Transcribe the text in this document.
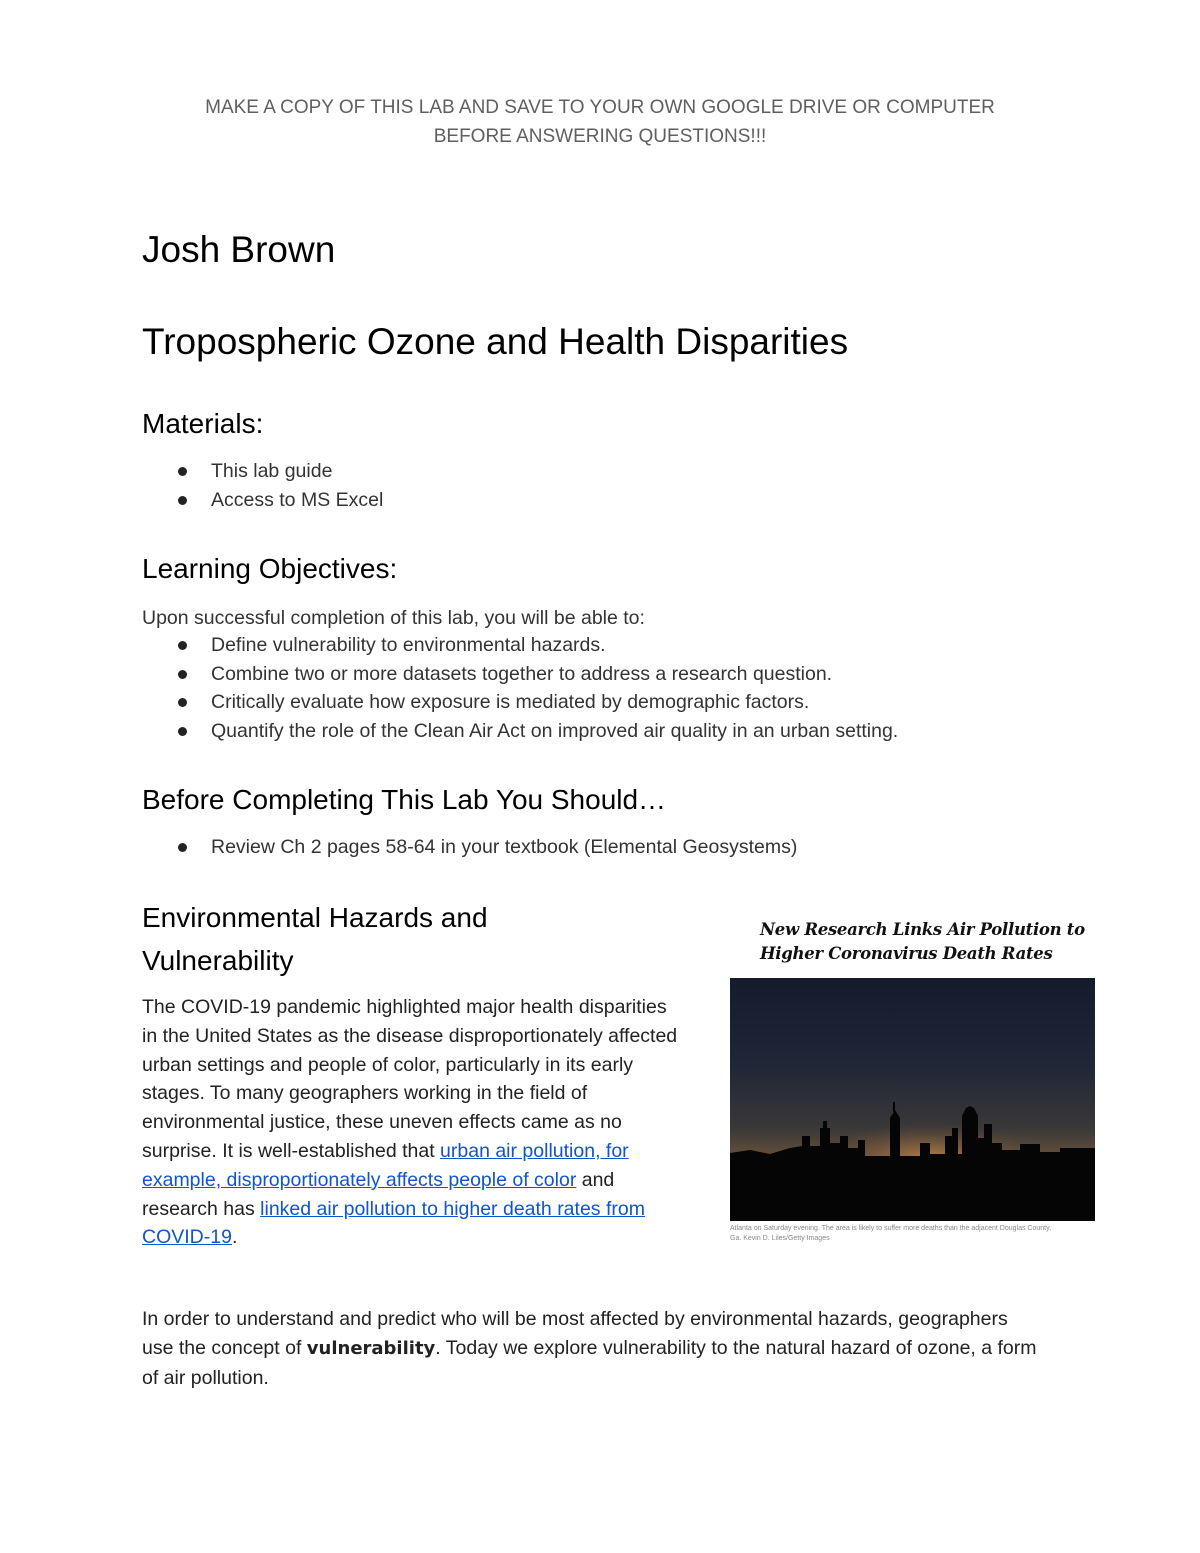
MAKE A COPY OF THIS LAB AND SAVE TO YOUR OWN GOOGLE DRIVE OR COMPUTER
BEFORE ANSWERING QUESTIONS!!!
Josh Brown
Tropospheric Ozone and Health Disparities
Materials:
This lab guide
Access to MS Excel
Learning Objectives:
Upon successful completion of this lab, you will be able to:
Define vulnerability to environmental hazards.
Combine two or more datasets together to address a research question.
Critically evaluate how exposure is mediated by demographic factors.
Quantify the role of the Clean Air Act on improved air quality in an urban setting.
Before Completing This Lab You Should…
Review Ch 2 pages 58-64 in your textbook (Elemental Geosystems)
Environmental Hazards and
Vulnerability

The COVID-19 pandemic highlighted major health disparities in the United States as the disease disproportionately affected urban settings and people of color, particularly in its early stages. To many geographers working in the field of environmental justice, these uneven effects came as no surprise. It is well-established that urban air pollution, for example, disproportionately affects people of color and research has linked air pollution to higher death rates from COVID-19.

New Research Links Air Pollution to
Higher Coronavirus Death Rates
Atlanta on Saturday evening. The area is likely to suffer more deaths than the adjacent Douglas County,
Ga. Kevin D. Liles/Getty Images

In order to understand and predict who will be most affected by environmental hazards, geographers use the concept of vulnerability. Today we explore vulnerability to the natural hazard of ozone, a form of air pollution.
